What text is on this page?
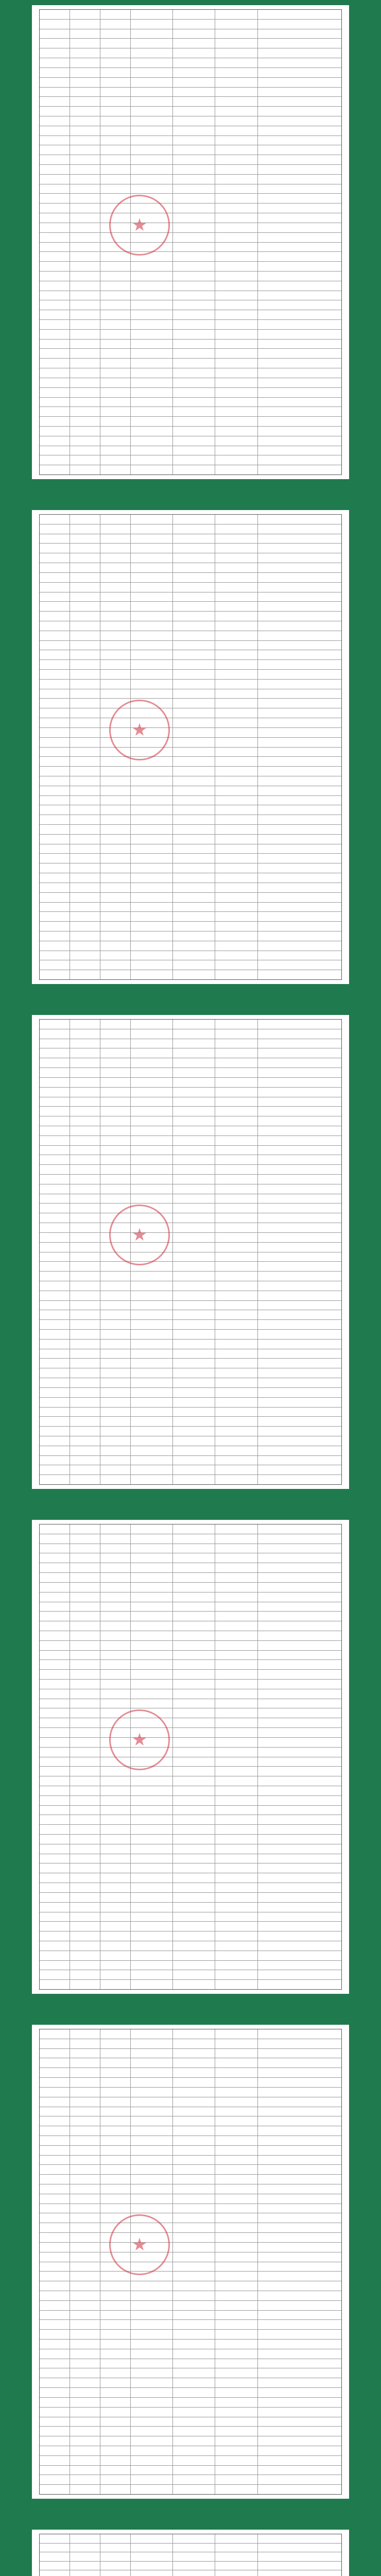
★
★
★
★
★
